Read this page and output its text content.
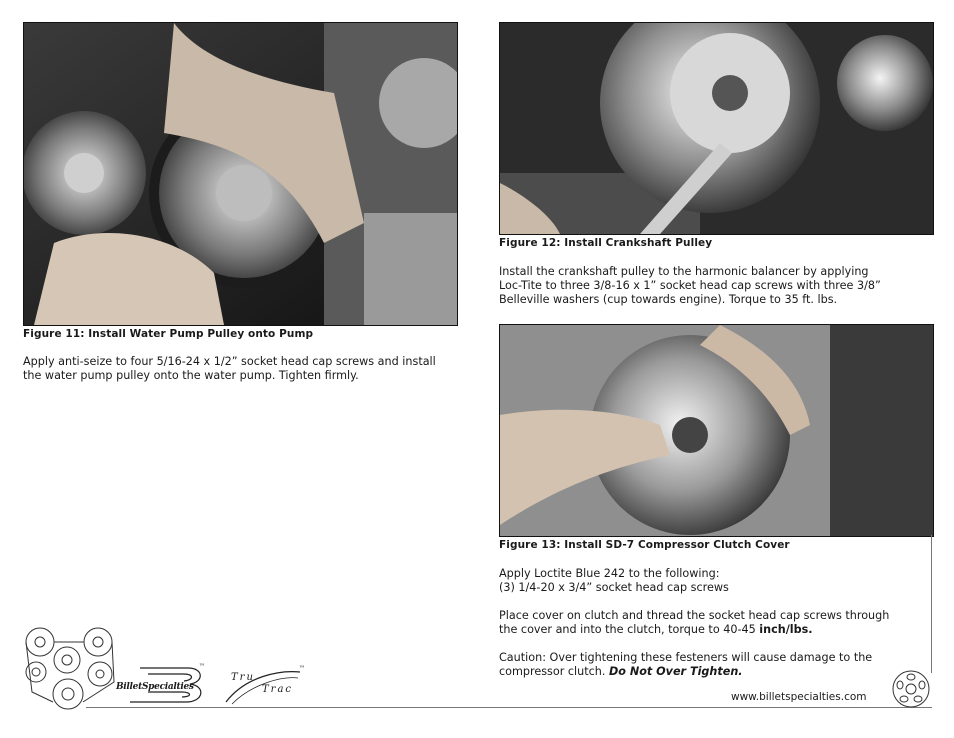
Figure 11: Install Water Pump Pulley onto Pump

Apply anti-seize to four 5/16-24 x 1/2” socket head cap screws and install

the water pump pulley onto the water pump. Tighten firmly.

Figure 12: Install Crankshaft Pulley

Install the crankshaft pulley to the harmonic balancer by applying

Loc-Tite to three 3/8-16 x 1” socket head cap screws with three 3/8”

Belleville washers (cup towards engine). Torque to 35 ft. lbs.

Figure 13: Install SD-7 Compressor Clutch Cover

Apply Loctite Blue 242 to the following:

(3) 1/4-20 x 3/4” socket head cap screws

Place cover on clutch and thread the socket head cap screws through

the cover and into the clutch, torque to 40-45 inch/lbs.

Caution: Over tightening these festeners will cause damage to the

compressor clutch. Do Not Over Tighten.

BilletSpecialties
™
Tru
Trac
™
www.billetspecialties.com
